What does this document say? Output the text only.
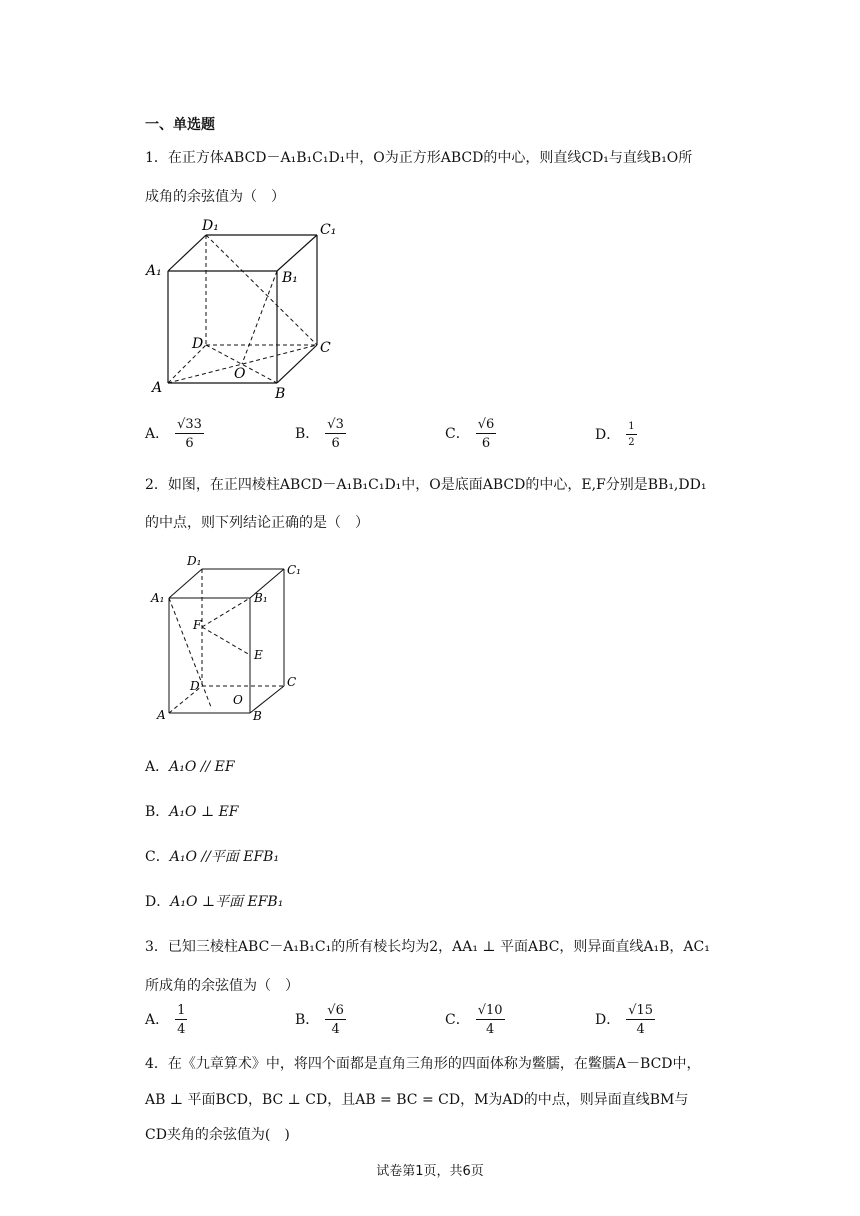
一、单选题
1．在正方体ABCD－A₁B₁C₁D₁中，O为正方形ABCD的中心，则直线CD₁与直线B₁O所
成角的余弦值为（　）
D₁	C₁
A₁	B₁
D	C
A
O
B
A． $\frac{√33}{6}$	B． $\frac{√3}{6}$	C． $\frac{√6}{6}$	D． $\frac{1}{2}$
2．如图，在正四棱柱ABCD－A₁B₁C₁D₁中，O是底面ABCD的中心，E,F分别是BB₁,DD₁
的中点，则下列结论正确的是（　）
D₁
C₁
A₁	B₁
F
E
D	C
A
O
B
A．A₁O // EF
B．A₁O ⊥ EF
C．A₁O //平面 EFB₁
D．A₁O ⊥平面 EFB₁
3．已知三棱柱ABC－A₁B₁C₁的所有棱长均为2，AA₁ ⊥ 平面ABC，则异面直线A₁B，AC₁
所成角的余弦值为（　）
A． $\frac{1}{4}$	B． $\frac{√6}{4}$	C． $\frac{√10}{4}$	D． $\frac{√15}{4}$
4．在《九章算术》中，将四个面都是直角三角形的四面体称为鳖臑，在鳖臑A－BCD中，
AB ⊥ 平面BCD，BC ⊥ CD，且AB = BC = CD，M为AD的中点，则异面直线BM与
CD夹角的余弦值为(　)
试卷第1页，共6页
